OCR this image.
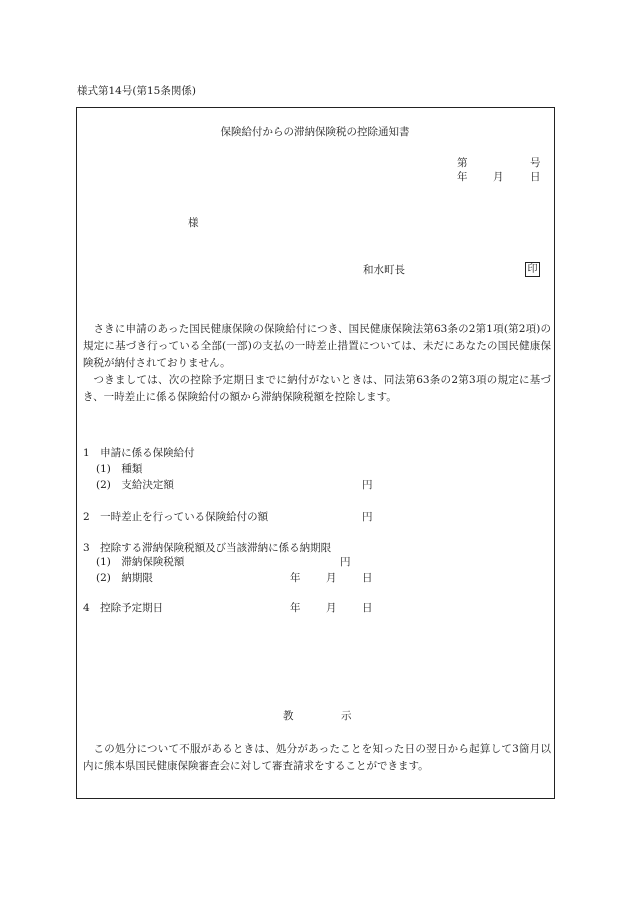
様式第14号(第15条関係)
保険給付からの滞納保険税の控除通知書
第	号
年 月	日
様
和水町長	印
さきに申請のあった国民健康保険の保険給付につき、国民健康保険法第63条の2第1項(第2項)の規定に基づき行っている全部(一部)の支払の一時差止措置については、未だにあなたの国民健康保険税が納付されておりません。
つきましては、次の控除予定期日までに納付がないときは、同法第63条の2第3項の規定に基づき、一時差止に係る保険給付の額から滞納保険税額を控除します。
1　申請に係る保険給付
(1)　種類
(2)　支給決定額	円
2　一時差止を行っている保険給付の額	円
3　控除する滞納保険税額及び当該滞納に係る納期限
(1)　滞納保険税額	円
(2)　納期限	年 月 日
4　控除予定期日	年 月 日
教	示
この処分について不服があるときは、処分があったことを知った日の翌日から起算して3箇月以内に熊本県国民健康保険審査会に対して審査請求をすることができます。
